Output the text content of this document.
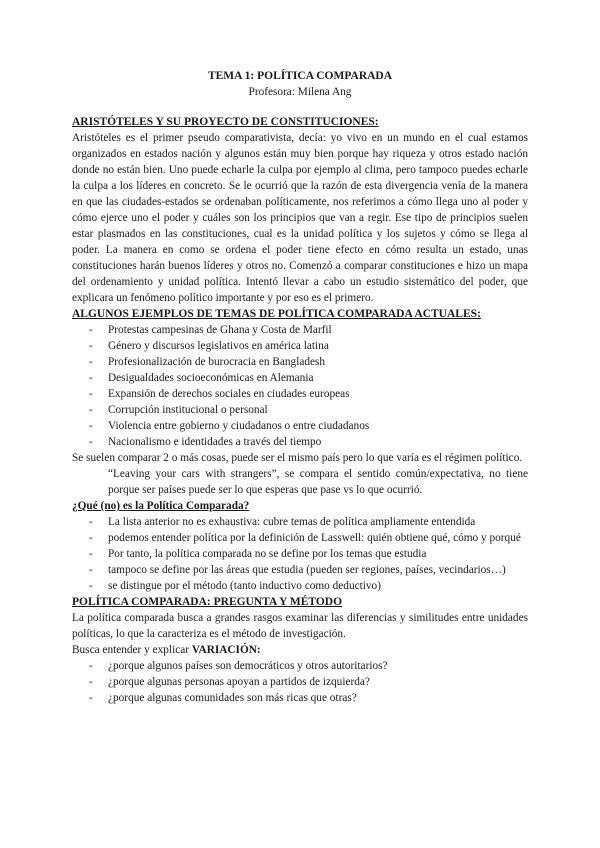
TEMA 1: POLÍTICA COMPARADA

Profesora: Milena Ang

ARISTÓTELES Y SU PROYECTO DE CONSTITUCIONES:

Aristóteles es el primer pseudo comparativista, decía: yo vivo en un mundo en el cual estamos organizados en estados nación y algunos están muy bien porque hay riqueza y otros estado nación donde no están bien. Uno puede echarle la culpa por ejemplo al clima, pero tampoco puedes echarle la culpa a los líderes en concreto. Se le ocurrió que la razón de esta divergencia venía de la manera en que las ciudades-estados se ordenaban políticamente, nos referimos a cómo llega uno al poder y cómo ejerce uno el poder y cuáles son los principios que van a regir. Ese tipo de principios suelen estar plasmados en las constituciones, cual es la unidad política y los sujetos y cómo se llega al poder. La manera en como se ordena el poder tiene efecto en cómo resulta un estado, unas constituciones harán buenos líderes y otros no. Comenzó a comparar constituciones e hizo un mapa del ordenamiento y unidad política. Intentó llevar a cabo un estudio sistemático del poder, que explicara un fenómeno político importante y por eso es el primero.

ALGUNOS EJEMPLOS DE TEMAS DE POLÍTICA COMPARADA ACTUALES:
- Protestas campesinas de Ghana y Costa de Marfil
- Género y discursos legislativos en américa latina
- Profesionalización de burocracia en Bangladesh
- Desigualdades socioeconómicas en Alemania
- Expansión de derechos sociales en ciudades europeas
- Corrupción institucional o personal
- Violencia entre gobierno y ciudadanos o entre ciudadanos
- Nacionalismo e identidades a través del tiempo

Se suelen comparar 2 o más cosas, puede ser el mismo país pero lo que varía es el régimen político.

“Leaving your cars with strangers”, se compara el sentido común/expectativa, no tiene porque ser países puede ser lo que esperas que pase vs lo que ocurrió.

¿Qué (no) es la Política Comparada?
- La lista anterior no es exhaustiva: cubre temas de política ampliamente entendida
- podemos entender política por la definición de Lasswell: quién obtiene qué, cómo y porqué
- Por tanto, la política comparada no se define por los temas que estudia
- tampoco se define por las áreas que estudia (pueden ser regiones, países, vecindarios…)
- se distingue por el método (tanto inductivo como deductivo)
POLÍTICA COMPARADA: PREGUNTA Y MÉTODO

La política comparada busca a grandes rasgos examinar las diferencias y similitudes entre unidades políticas, lo que la caracteriza es el método de investigación.

Busca entender y explicar VARIACIÓN:

- ¿porque algunos países son democráticos y otros autoritarios?
- ¿porque algunas personas apoyan a partidos de izquierda?
- ¿porque algunas comunidades son más ricas que otras?
